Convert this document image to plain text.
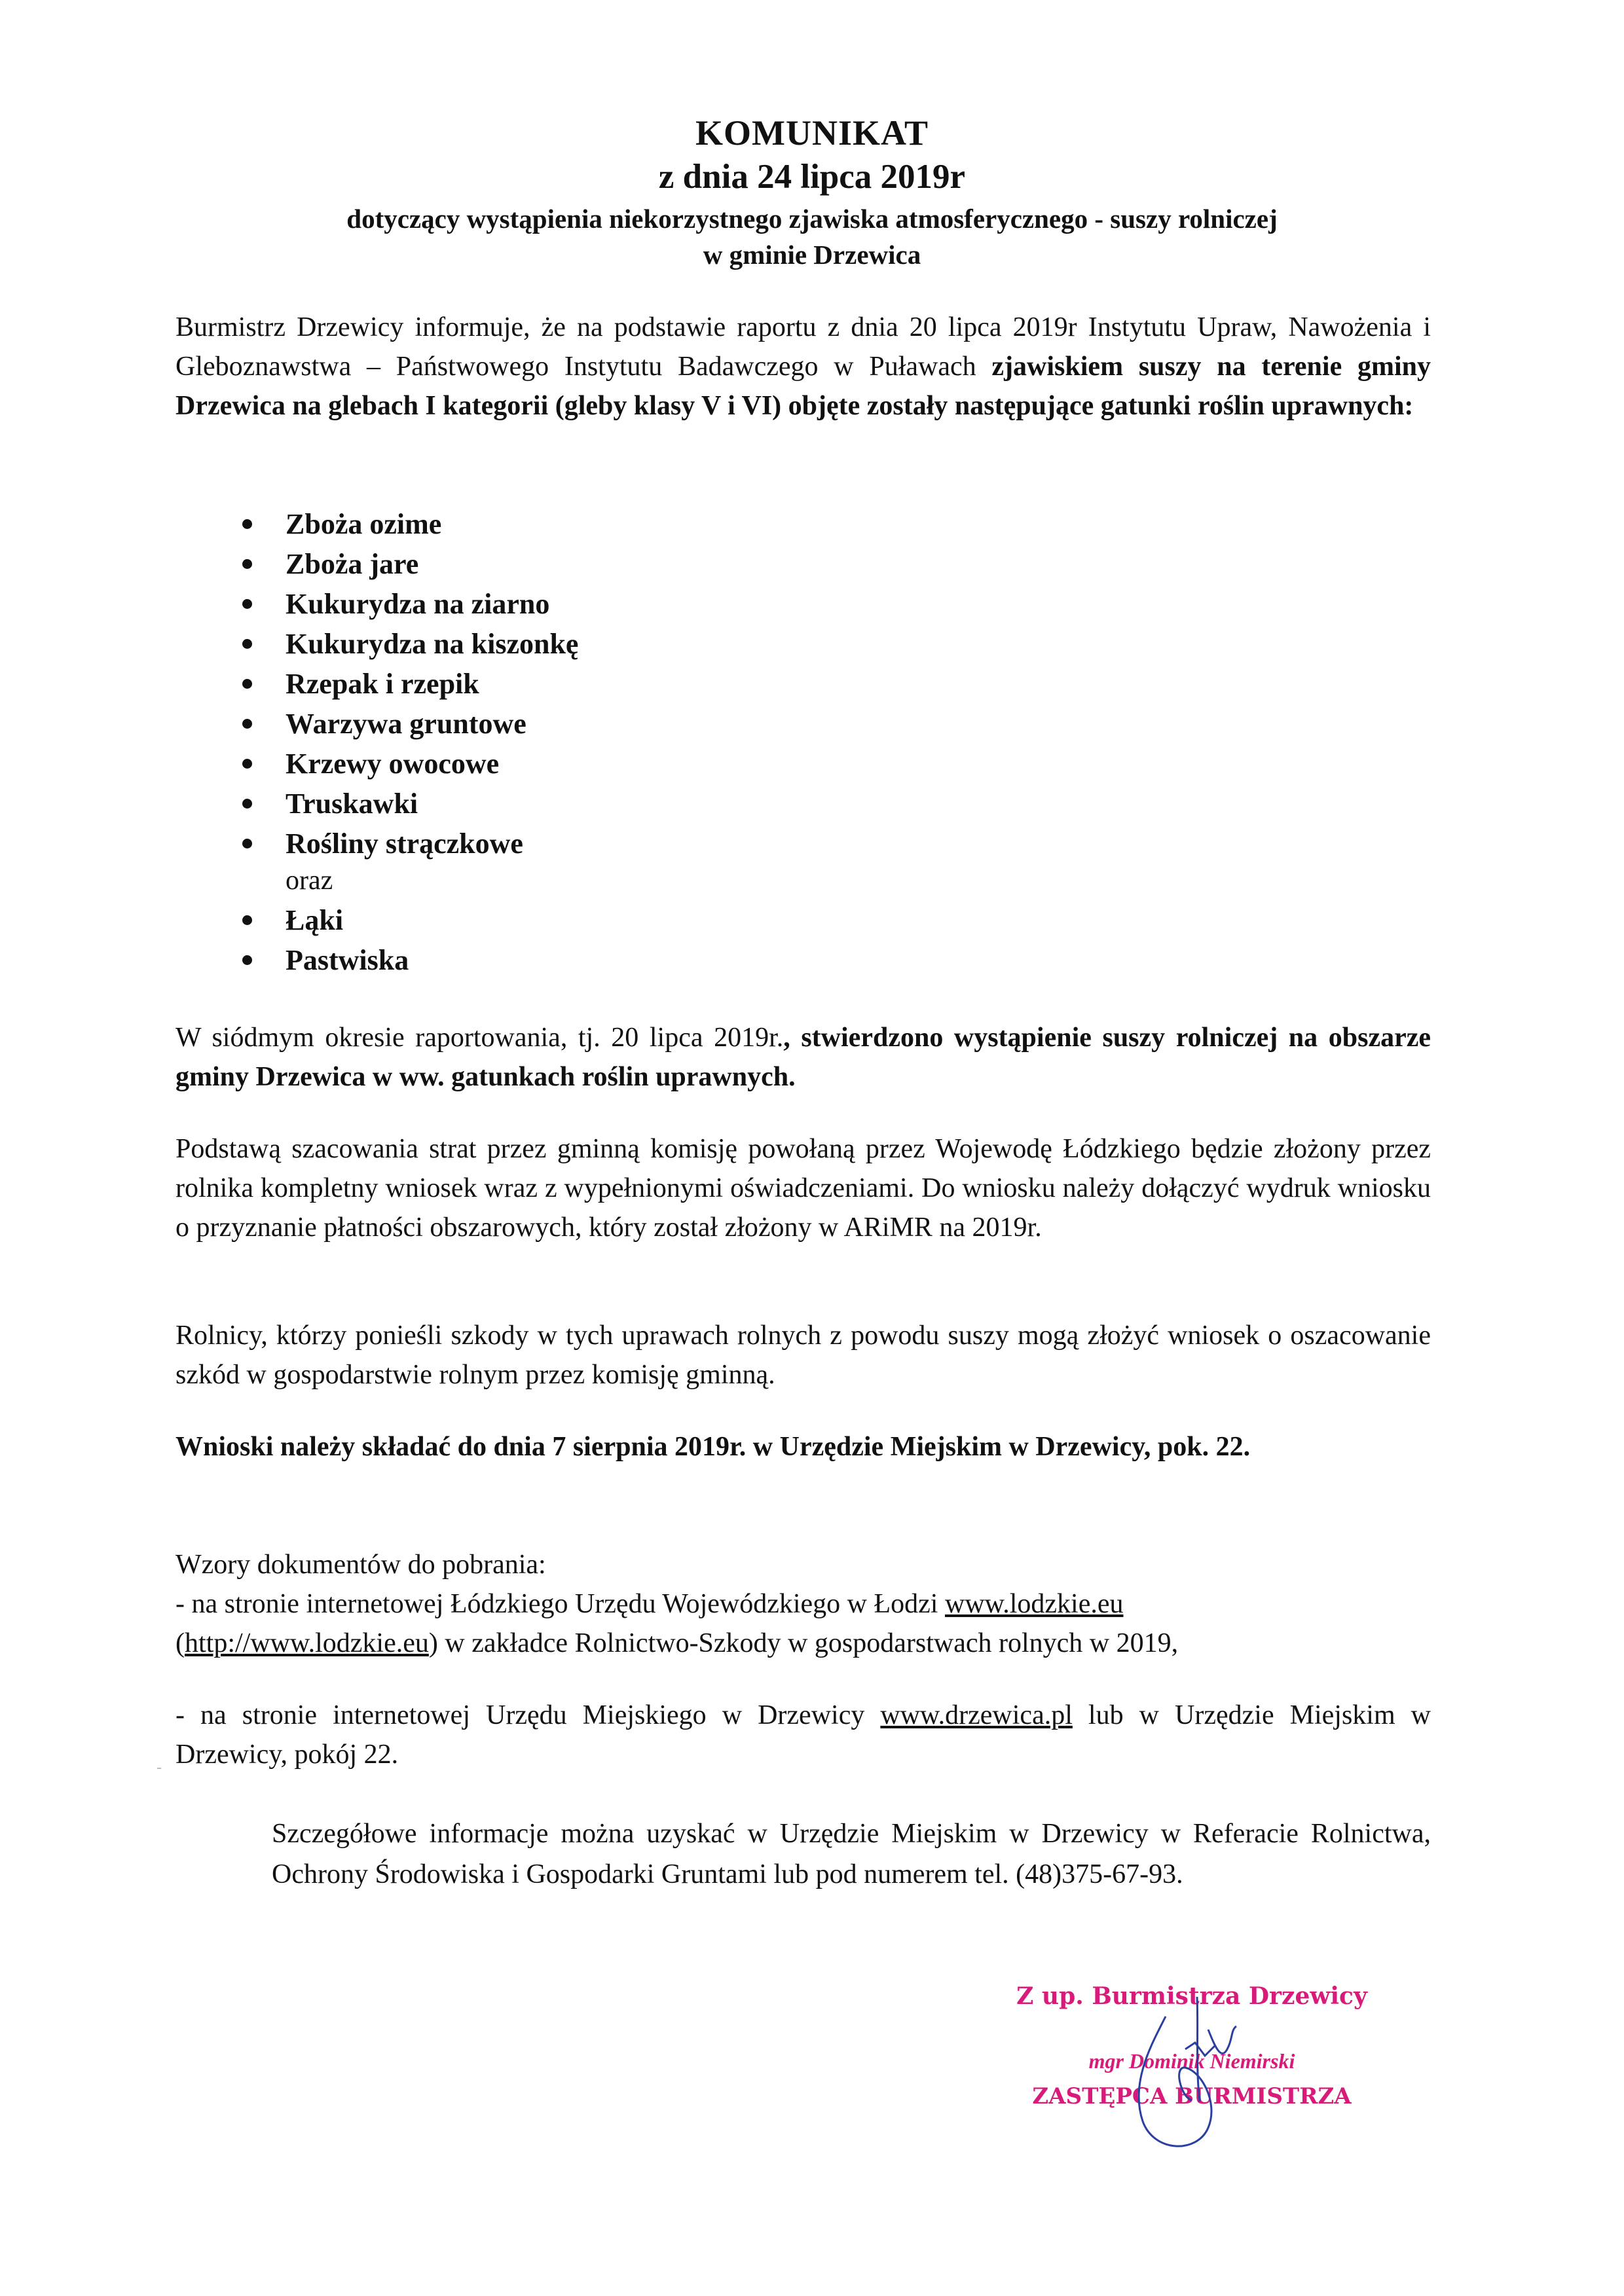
KOMUNIKAT
z dnia 24 lipca 2019r
dotyczący wystąpienia niekorzystnego zjawiska atmosferycznego - suszy rolniczej
w gminie Drzewica

Burmistrz Drzewicy informuje, że na podstawie raportu z dnia 20 lipca 2019r Instytutu Upraw, Nawożenia i Gleboznawstwa – Państwowego Instytutu Badawczego w Puławach zjawiskiem suszy na terenie gminy Drzewica na glebach I kategorii (gleby klasy V i VI) objęte zostały następujące gatunki roślin uprawnych:

Zboża ozime
Zboża jare
Kukurydza na ziarno
Kukurydza na kiszonkę
Rzepak i rzepik
Warzywa gruntowe
Krzewy owocowe
Truskawki
Rośliny strączkowe
oraz
Łąki
Pastwiska

W siódmym okresie raportowania, tj. 20 lipca 2019r., stwierdzono wystąpienie suszy rolniczej na obszarze gminy Drzewica w ww. gatunkach roślin uprawnych.

Podstawą szacowania strat przez gminną komisję powołaną przez Wojewodę Łódzkiego będzie złożony przez rolnika kompletny wniosek wraz z wypełnionymi oświadczeniami. Do wniosku należy dołączyć wydruk wniosku o przyznanie płatności obszarowych, który został złożony w ARiMR na 2019r.

Rolnicy, którzy ponieśli szkody w tych uprawach rolnych z powodu suszy mogą złożyć wniosek o oszacowanie szkód w gospodarstwie rolnym przez komisję gminną.

Wnioski należy składać do dnia 7 sierpnia 2019r. w Urzędzie Miejskim w Drzewicy, pok. 22.

Wzory dokumentów do pobrania:

- na stronie internetowej Łódzkiego Urzędu Wojewódzkiego w Łodzi www.lodzkie.eu
(http://www.lodzkie.eu) w zakładce Rolnictwo-Szkody w gospodarstwach rolnych w 2019,

- na stronie internetowej Urzędu Miejskiego w Drzewicy www.drzewica.pl lub w Urzędzie Miejskim w Drzewicy, pokój 22.

Szczegółowe informacje można uzyskać w Urzędzie Miejskim w Drzewicy w Referacie Rolnictwa, Ochrony Środowiska i Gospodarki Gruntami lub pod numerem tel. (48)375-67-93.

Z up. Burmistrza Drzewicy
mgr Dominik Niemirski
ZASTĘPCA BURMISTRZA
